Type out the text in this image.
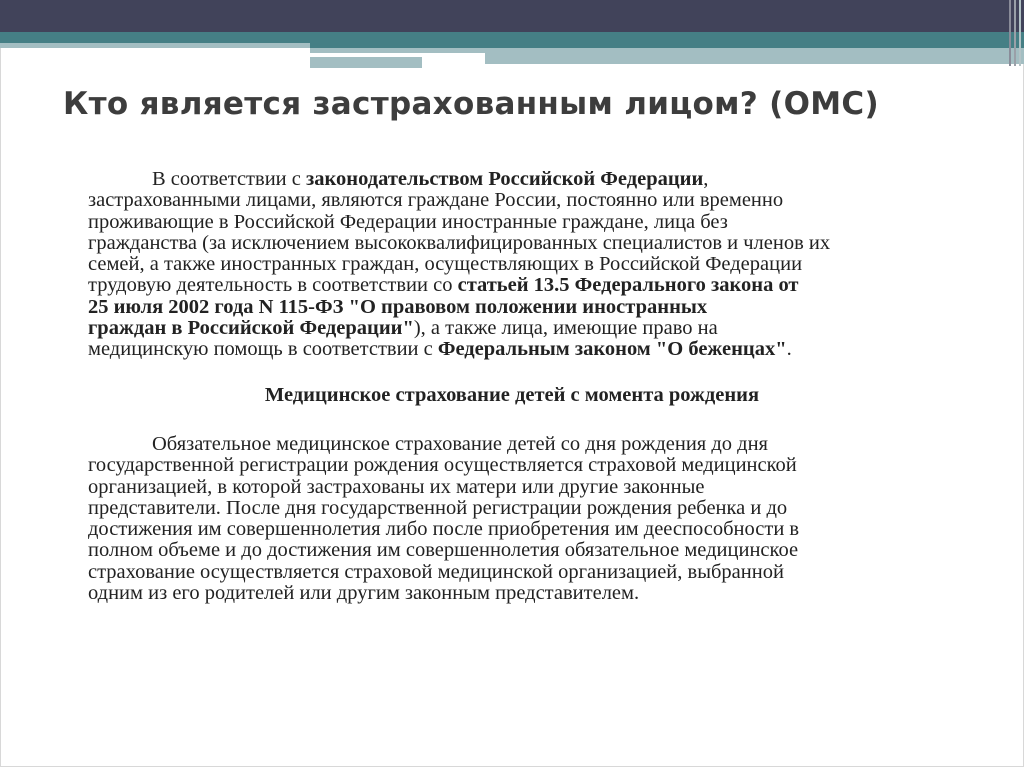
Кто является застрахованным лицом? (ОМС)
В соответствии с законодательством Российской Федерации,
застрахованными лицами, являются граждане России, постоянно или временно
проживающие в Российской Федерации иностранные граждане, лица без
гражданства (за исключением высококвалифицированных специалистов и членов их
семей, а также иностранных граждан, осуществляющих в Российской Федерации
трудовую деятельность в соответствии со статьей 13.5 Федерального закона от
25 июля 2002 года N 115-ФЗ "О правовом положении иностранных
граждан в Российской Федерации"), а также лица, имеющие право на
медицинскую помощь в соответствии с Федеральным законом "О беженцах".
Медицинское страхование детей с момента рождения
Обязательное медицинское страхование детей со дня рождения до дня
государственной регистрации рождения осуществляется страховой медицинской
организацией, в которой застрахованы их матери или другие законные
представители. После дня государственной регистрации рождения ребенка и до
достижения им совершеннолетия либо после приобретения им дееспособности в
полном объеме и до достижения им совершеннолетия обязательное медицинское
страхование осуществляется страховой медицинской организацией, выбранной
одним из его родителей или другим законным представителем.
